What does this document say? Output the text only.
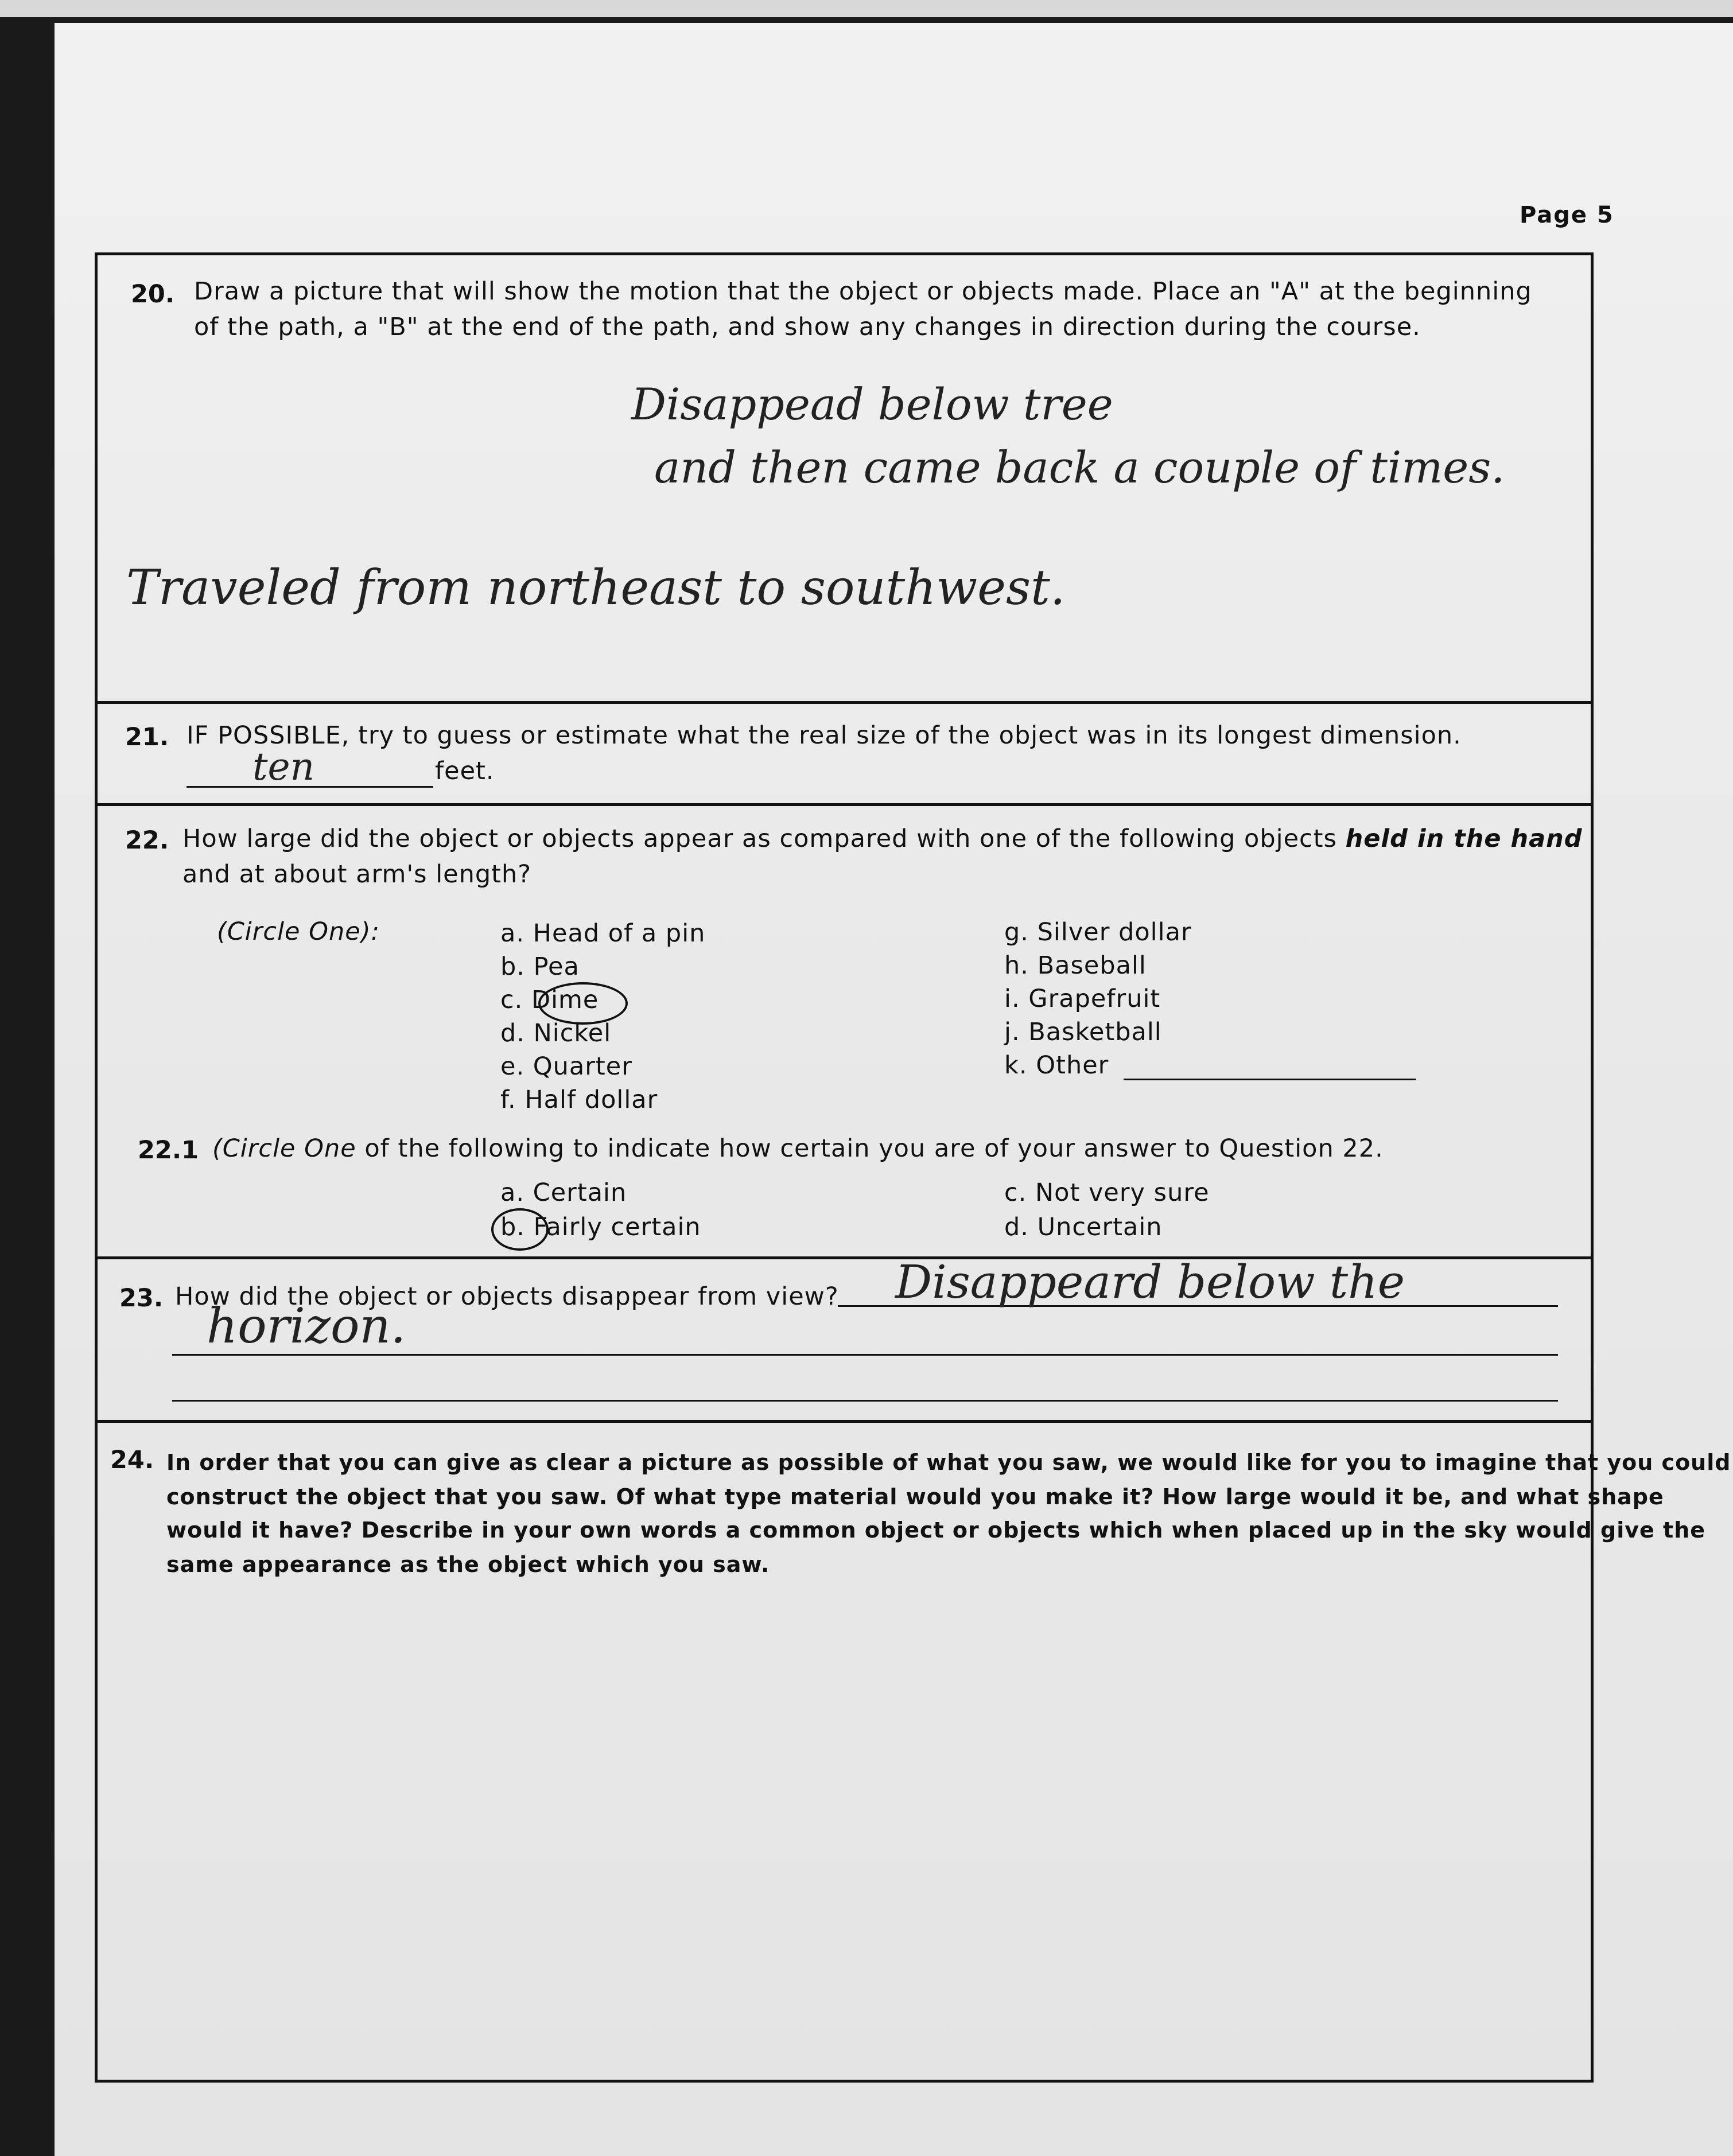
Page 5
20. Draw a picture that will show the motion that the object or objects made. Place an "A" at the beginning
of the path, a "B" at the end of the path, and show any changes in direction during the course.
Disappead below tree
and then came back a couple of times.
Traveled from northeast to southwest.
21. IF POSSIBLE, try to guess or estimate what the real size of the object was in its longest dimension.
ten	feet.
22. How large did the object or objects appear as compared with one of the following objects held in the hand
and at about arm's length?
(Circle One):	a. Head of a pin
b. Pea
c. Dime
d. Nickel
e. Quarter
f. Half dollar
g. Silver dollar
h. Baseball
i. Grapefruit
j. Basketball
k. Other
22.1 (Circle One of the following to indicate how certain you are of your answer to Question 22.
a. Certain
b. Fairly certain
c. Not very sure
d. Uncertain
23. How did the object or objects disappear from view? Disappeard below the
horizon.
24. In order that you can give as clear a picture as possible of what you saw, we would like for you to imagine that you could
construct the object that you saw. Of what type material would you make it? How large would it be, and what shape
would it have? Describe in your own words a common object or objects which when placed up in the sky would give the
same appearance as the object which you saw.
